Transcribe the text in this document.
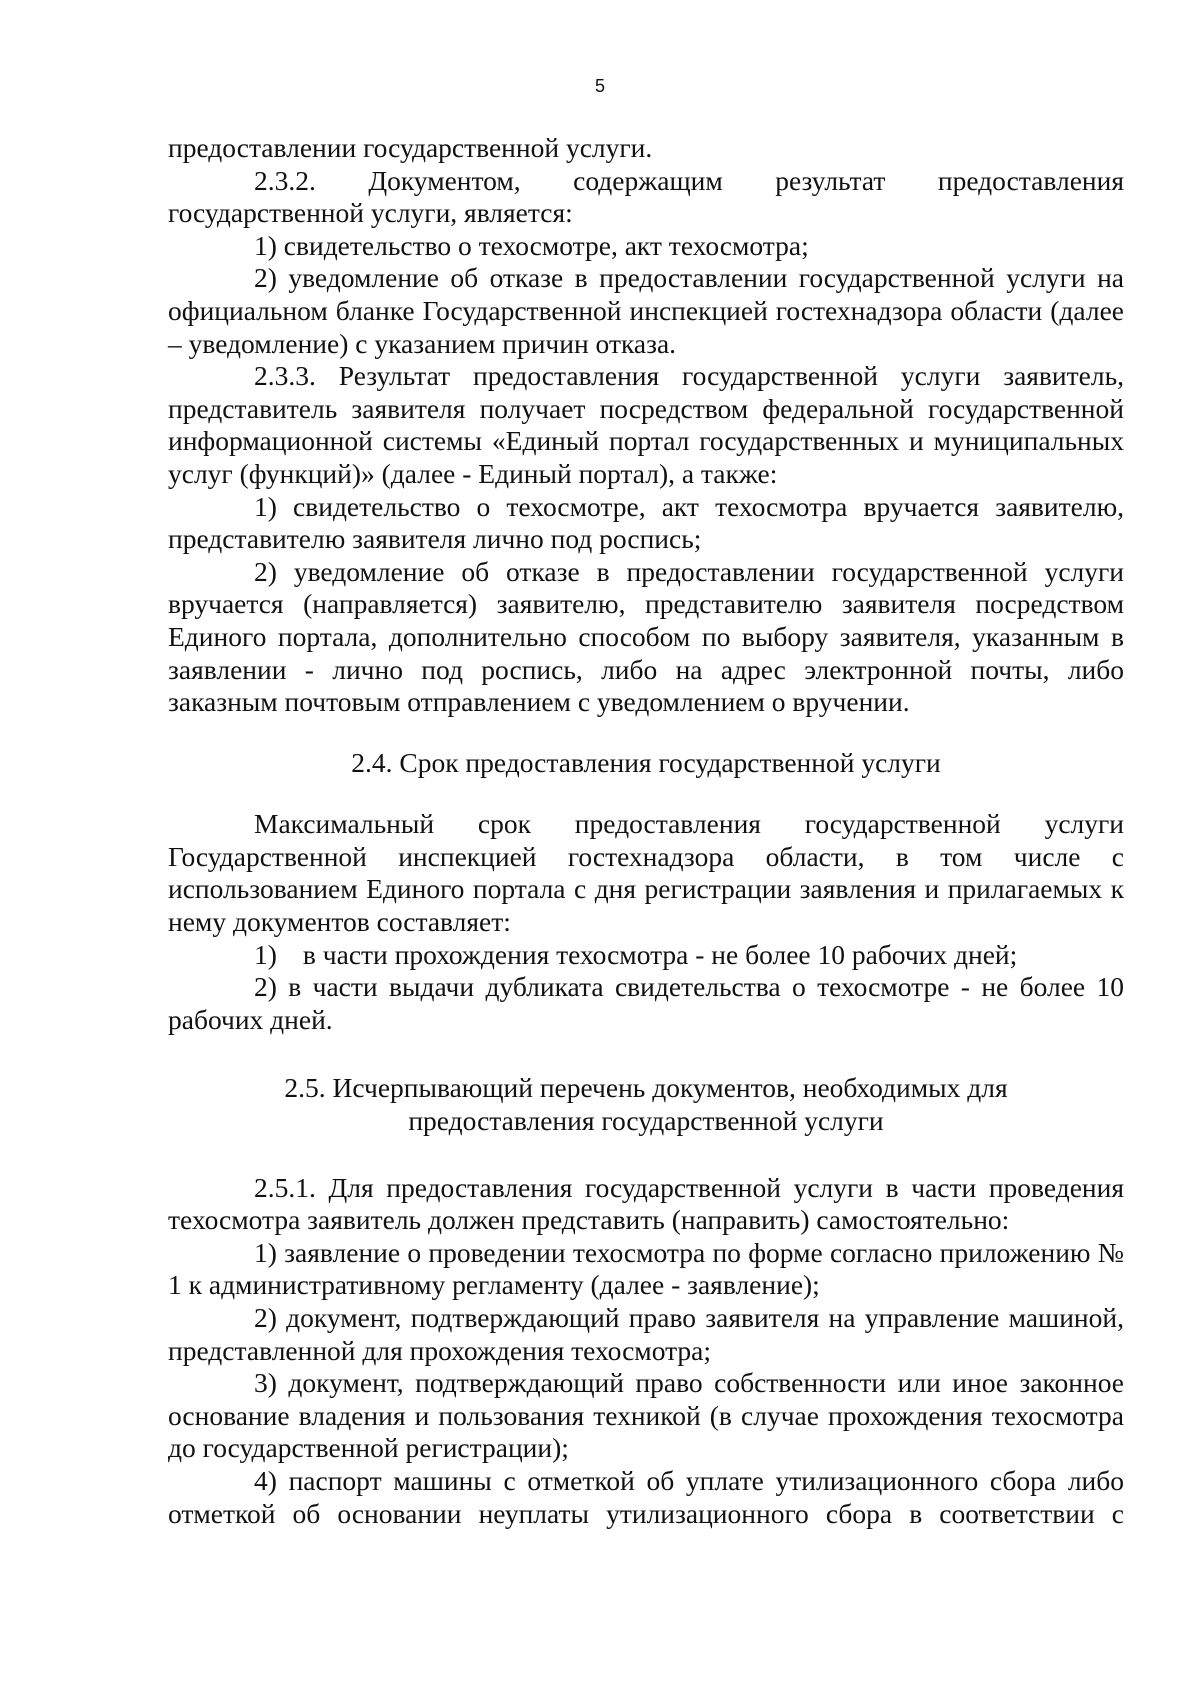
5

предоставлении государственной услуги.

2.3.2. Документом, содержащим результат предоставления государственной услуги, является:

1) свидетельство о техосмотре, акт техосмотра;

2) уведомление об отказе в предоставлении государственной услуги на официальном бланке Государственной инспекцией гостехнадзора области (далее – уведомление) с указанием причин отказа.

2.3.3. Результат предоставления государственной услуги заявитель, представитель заявителя получает посредством федеральной государственной информационной системы «Единый портал государственных и муниципальных услуг (функций)» (далее - Единый портал), а также:

1) свидетельство о техосмотре, акт техосмотра вручается заявителю, представителю заявителя лично под роспись;

2) уведомление об отказе в предоставлении государственной услуги вручается (направляется) заявителю, представителю заявителя посредством Единого портала, дополнительно способом по выбору заявителя, указанным в заявлении - лично под роспись, либо на адрес электронной почты, либо заказным почтовым отправлением с уведомлением о вручении.

2.4. Срок предоставления государственной услуги

Максимальный срок предоставления государственной услуги Государственной инспекцией гостехнадзора области, в том числе с использованием Единого портала с дня регистрации заявления и прилагаемых к нему документов составляет:

1) в части прохождения техосмотра - не более 10 рабочих дней;

2) в части выдачи дубликата свидетельства о техосмотре - не более 10 рабочих дней.

2.5. Исчерпывающий перечень документов, необходимых для

предоставления государственной услуги

2.5.1. Для предоставления государственной услуги в части проведения техосмотра заявитель должен представить (направить) самостоятельно:

1) заявление о проведении техосмотра по форме согласно приложению № 1 к административному регламенту (далее - заявление);

2) документ, подтверждающий право заявителя на управление машиной, представленной для прохождения техосмотра;

3) документ, подтверждающий право собственности или иное законное основание владения и пользования техникой (в случае прохождения техосмотра до государственной регистрации);

4) паспорт машины с отметкой об уплате утилизационного сбора либо отметкой об основании неуплаты утилизационного сбора в соответствии с
